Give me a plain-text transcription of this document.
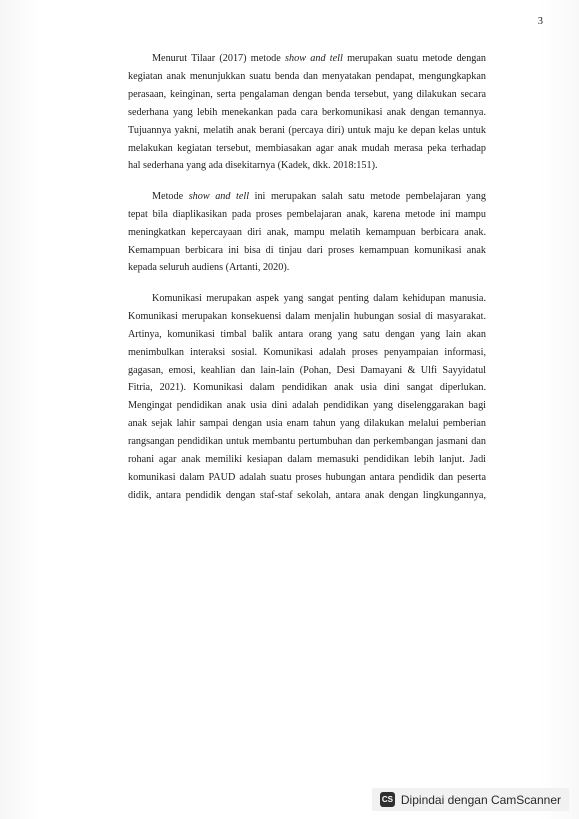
3

Menurut Tilaar (2017) metode show and tell merupakan suatu metode dengan
kegiatan anak menunjukkan suatu benda dan menyatakan pendapat, mengungkapkan
perasaan, keinginan, serta pengalaman dengan benda tersebut, yang dilakukan secara
sederhana yang lebih menekankan pada cara berkomunikasi anak dengan temannya.
Tujuannya yakni, melatih anak berani (percaya diri) untuk maju ke depan kelas untuk
melakukan kegiatan tersebut, membiasakan agar anak mudah merasa peka terhadap
hal sederhana yang ada disekitarnya (Kadek, dkk. 2018:151).

Metode show and tell ini merupakan salah satu metode pembelajaran yang
tepat bila diaplikasikan pada proses pembelajaran anak, karena metode ini mampu
meningkatkan kepercayaan diri anak, mampu melatih kemampuan berbicara anak.
Kemampuan berbicara ini bisa di tinjau dari proses kemampuan komunikasi anak
kepada seluruh audiens (Artanti, 2020).

Komunikasi merupakan aspek yang sangat penting dalam kehidupan manusia.
Komunikasi merupakan konsekuensi dalam menjalin hubungan sosial di masyarakat.
Artinya, komunikasi timbal balik antara orang yang satu dengan yang lain akan
menimbulkan interaksi sosial. Komunikasi adalah proses penyampaian informasi,
gagasan, emosi, keahlian dan lain-lain (Pohan, Desi Damayani & Ulfi Sayyidatul
Fitria, 2021). Komunikasi dalam pendidikan anak usia dini sangat diperlukan.
Mengingat pendidikan anak usia dini adalah pendidikan yang diselenggarakan bagi
anak sejak lahir sampai dengan usia enam tahun yang dilakukan melalui pemberian
rangsangan pendidikan untuk membantu pertumbuhan dan perkembangan jasmani dan
rohani agar anak memiliki kesiapan dalam memasuki pendidikan lebih lanjut. Jadi
komunikasi dalam PAUD adalah suatu proses hubungan antara pendidik dan peserta
didik, antara pendidik dengan staf-staf sekolah, antara anak dengan lingkungannya,

CS Dipindai dengan CamScanner
